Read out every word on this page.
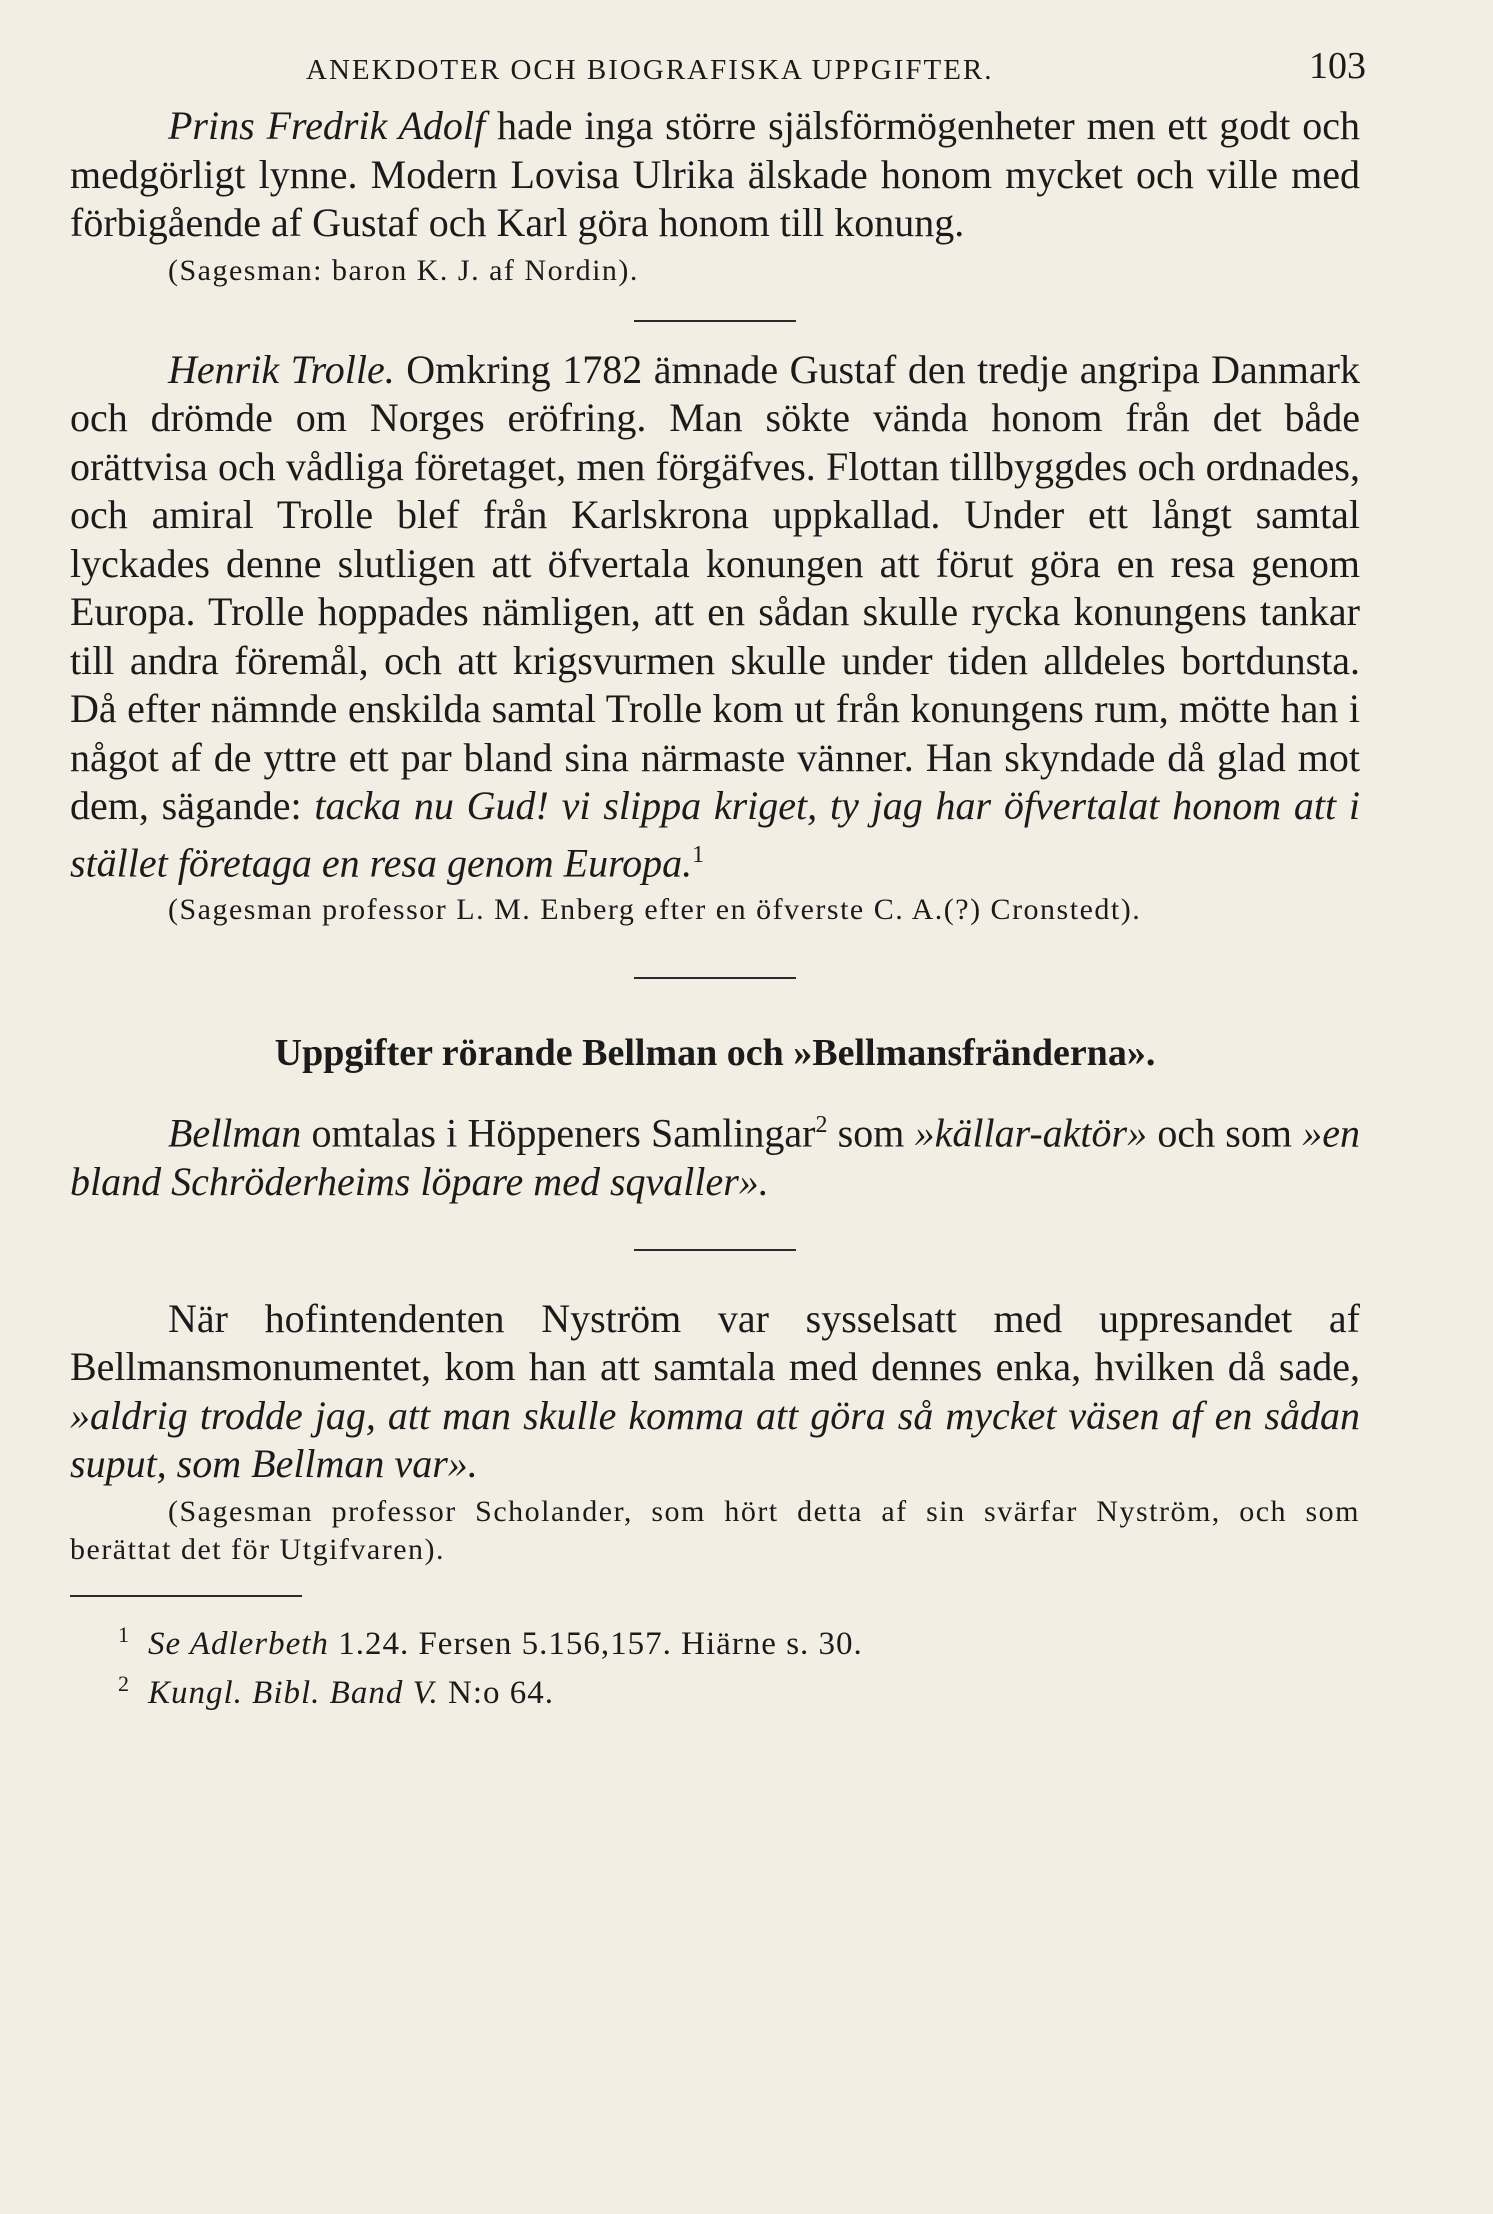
ANEKDOTER OCH BIOGRAFISKA UPPGIFTER.	103

Prins Fredrik Adolf hade inga större själsförmögenheter men ett godt och medgörligt lynne. Modern Lovisa Ulrika älskade honom mycket och ville med förbigående af Gustaf och Karl göra honom till konung.

(Sagesman: baron K. J. af Nordin).

Henrik Trolle. Omkring 1782 ämnade Gustaf den tredje angripa Danmark och drömde om Norges eröfring. Man sökte vända honom från det både orättvisa och vådliga företaget, men förgäfves. Flottan tillbyggdes och ordnades, och amiral Trolle blef från Karlskrona uppkallad. Under ett långt samtal lyckades denne slutligen att öfvertala konungen att förut göra en resa genom Europa. Trolle hoppades nämligen, att en sådan skulle rycka konungens tankar till andra föremål, och att krigsvurmen skulle under tiden alldeles bortdunsta. Då efter nämnde enskilda samtal Trolle kom ut från konungens rum, mötte han i något af de yttre ett par bland sina närmaste vänner. Han skyndade då glad mot dem, sägande: tacka nu Gud! vi slippa kriget, ty jag har öfvertalat honom att i stället företaga en resa genom Europa.$^1$

(Sagesman professor L. M. Enberg efter en öfverste C. A.(?) Cronstedt).

Uppgifter rörande Bellman och »Bellmansfränderna».

Bellman omtalas i Höppeners Samlingar$^2$ som »källar-aktör» och som »en bland Schröderheims löpare med sqvaller».

När hofintendenten Nyström var sysselsatt med uppresandet af Bellmansmonumentet, kom han att samtala med dennes enka, hvilken då sade, »aldrig trodde jag, att man skulle komma att göra så mycket väsen af en sådan suput, som Bellman var».

(Sagesman professor Scholander, som hört detta af sin svärfar Nyström, och som berättat det för Utgifvaren).

$^1$ Se Adlerbeth 1.24. Fersen 5.156,157. Hiärne s. 30.

$^2$ Kungl. Bibl. Band V. N:o 64.
